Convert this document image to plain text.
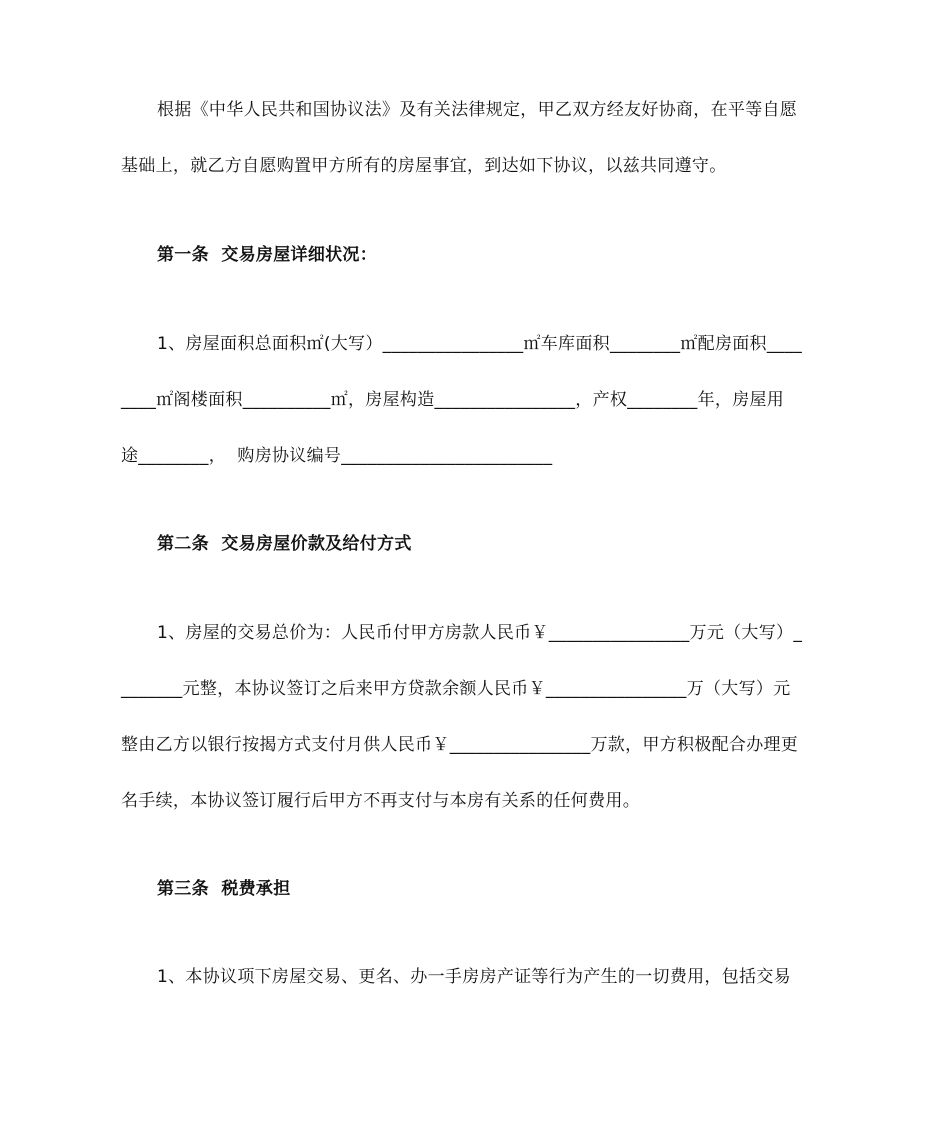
根据《中华人民共和国协议法》及有关法律规定，甲乙双方经友好协商，在平等自愿
基础上，就乙方自愿购置甲方所有的房屋事宜，到达如下协议，以兹共同遵守。
第一条  交易房屋详细状况：
1、房屋面积总面积㎡(大写）________________㎡车库面积________㎡配房面积____
____㎡阁楼面积__________㎡，房屋构造________________，产权________年，房屋用
途________，  购房协议编号________________________
第二条  交易房屋价款及给付方式
1、房屋的交易总价为：人民币付甲方房款人民币￥________________万元（大写）_
_______元整，本协议签订之后来甲方贷款余额人民币￥________________万（大写）元
整由乙方以银行按揭方式支付月供人民币￥________________万款，甲方积极配合办理更
名手续，本协议签订履行后甲方不再支付与本房有关系的任何费用。
第三条  税费承担
1、本协议项下房屋交易、更名、办一手房房产证等行为产生的一切费用，包括交易
